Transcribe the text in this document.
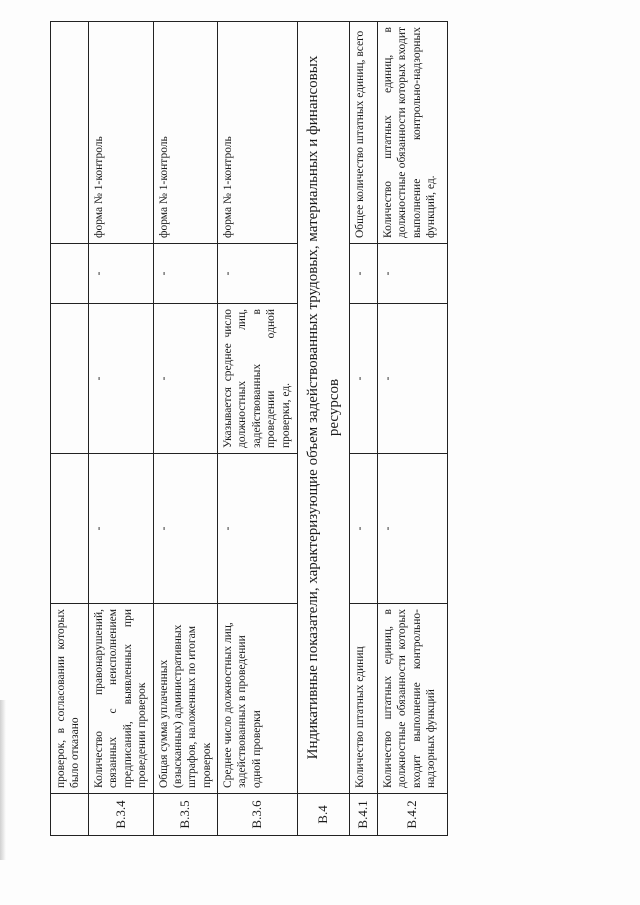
	проверок, в согласовании которых было отказано				
В.3.4	Количество правонарушений, связанных с неисполнением предписаний, выявленных при проведении проверок	-	-	-	форма № 1-контроль
В.3.5	Общая сумма уплаченных (взысканных) административных штрафов, наложенных по итогам проверок	-	-	-	форма № 1-контроль
В.3.6	Среднее число должностных лиц, задействованных в проведении одной проверки	-	Указывается среднее число должностных лиц, задействованных в проведении одной проверки, ед.	-	форма № 1-контроль
В.4	Индикативные показатели, характеризующие объем задействованных трудовых, материальных и финансовых ресурсов				
В.4.1	Количество штатных единиц	-	-	-	Общее количество штатных единиц, всего
В.4.2	Количество штатных единиц, в должностные обязанности которых входит выполнение контрольно-надзорных функций	-	-	-	Количество штатных единиц, в должностные обязанности которых входит выполнение контрольно-надзорных функций, ед.
